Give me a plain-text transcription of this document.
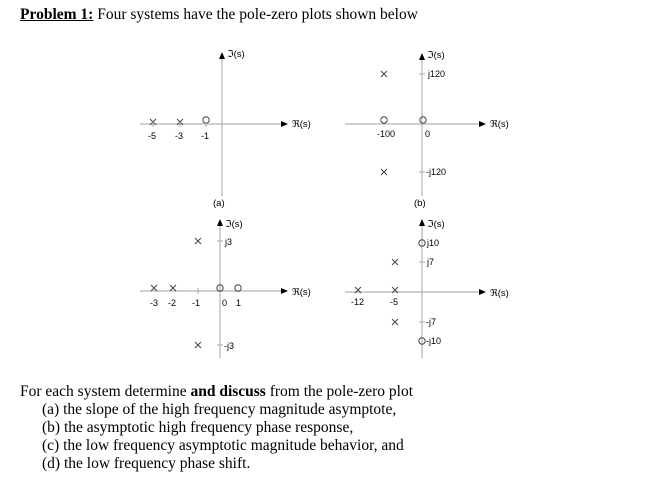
Problem 1: Four systems have the pole-zero plots shown below
ℑ(s)
ℜ(s)
-5 -3 -1
(a)
ℑ(s)
ℜ(s)
-100	0
j120
-j120
(b)
ℑ(s)
ℜ(s)
-3 -2 -1 0 1
j3
-j3
ℑ(s)
ℜ(s)
-12	-5
j10
j7
-j7
-j10
For each system determine and discuss from the pole-zero plot
(a) the slope of the high frequency magnitude asymptote,
(b) the asymptotic high frequency phase response,
(c) the low frequency asymptotic magnitude behavior, and
(d) the low frequency phase shift.
